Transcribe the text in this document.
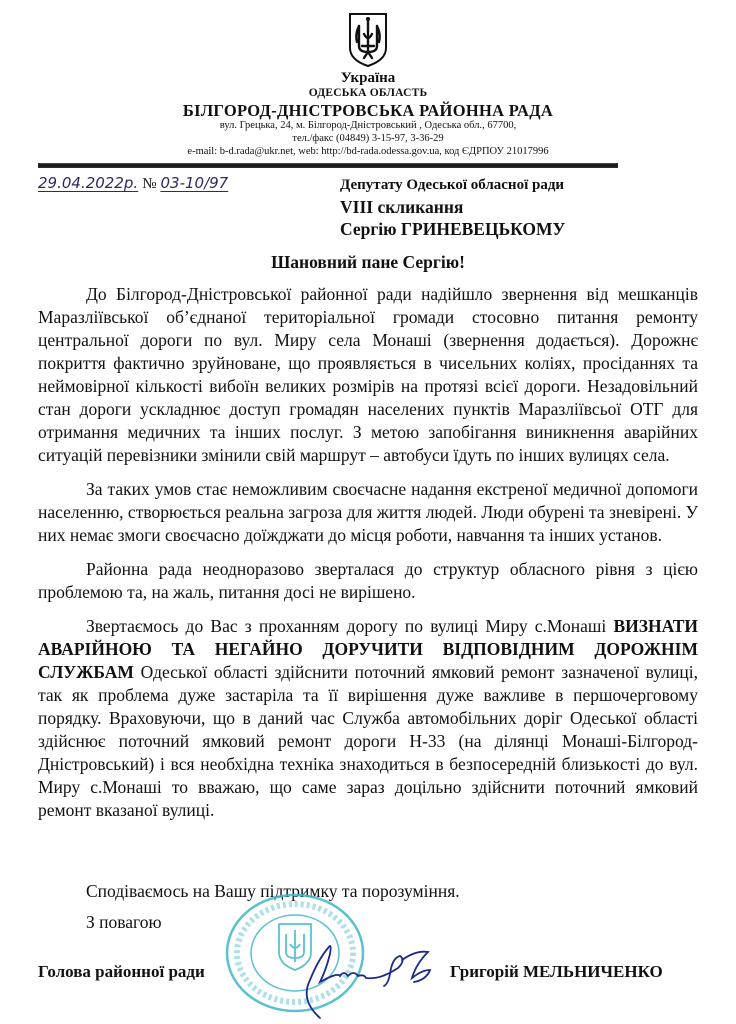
Україна
ОДЕСЬКА ОБЛАСТЬ
БІЛГОРОД-ДНІСТРОВСЬКА РАЙОННА РАДА
вул. Грецька, 24, м. Білгород-Дністровський , Одеська обл., 67700,
тел./факс (04849) 3-15-97, 3-36-29
e-mail: b-d.rada@ukr.net, web: http://bd-rada.odessa.gov.ua, код ЄДРПОУ 21017996
29.04.2022р. № 03-10/97	Депутату Одеської обласної ради
VIII скликання
Сергію ГРИНЕВЕЦЬКОМУ
Шановний пане Сергію!

До Білгород-Дністровської районної ради надійшло звернення від мешканців Маразліївської об’єднаної територіальної громади стосовно питання ремонту центральної дороги по вул. Миру села Монаші (звернення додається). Дорожнє покриття фактично зруйноване, що проявляється в чисельних коліях, просіданнях та неймовірної кількості вибоїн великих розмірів на протязі всієї дороги. Незадовільний стан дороги ускладнює доступ громадян населених пунктів Маразліївсьої ОТГ для отримання медичних та інших послуг. З метою запобігання виникнення аварійних ситуацій перевізники змінили свій маршрут – автобуси їдуть по інших вулицях села.

За таких умов стає неможливим своєчасне надання екстреної медичної допомоги населенню, створюється реальна загроза для життя людей. Люди обурені та зневірені. У них немає змоги своєчасно доїжджати до місця роботи, навчання та інших установ.

Районна рада неодноразово зверталася до структур обласного рівня з цією проблемою та, на жаль, питання досі не вирішено.

Звертаємось до Вас з проханням дорогу по вулиці Миру с.Монаші ВИЗНАТИ АВАРІЙНОЮ ТА НЕГАЙНО ДОРУЧИТИ ВІДПОВІДНИМ ДОРОЖНІМ СЛУЖБАМ Одеської області здійснити поточний ямковий ремонт зазначеної вулиці, так як проблема дуже застаріла та її вирішення дуже важливе в першочерговому порядку. Враховуючи, що в даний час Служба автомобільних доріг Одеської області здійснює поточний ямковий ремонт дороги Н-33 (на ділянці Монаші-Білгород-Дністровський) і вся необхідна техніка знаходиться в безпосередній близькості до вул. Миру с.Монаші то вважаю, що саме зараз доцільно здійснити поточний ямковий ремонт вказаної вулиці.

Сподіваємось на Вашу підтримку та порозуміння.
З повагою
Голова районної ради	Григорій МЕЛЬНИЧЕНКО
